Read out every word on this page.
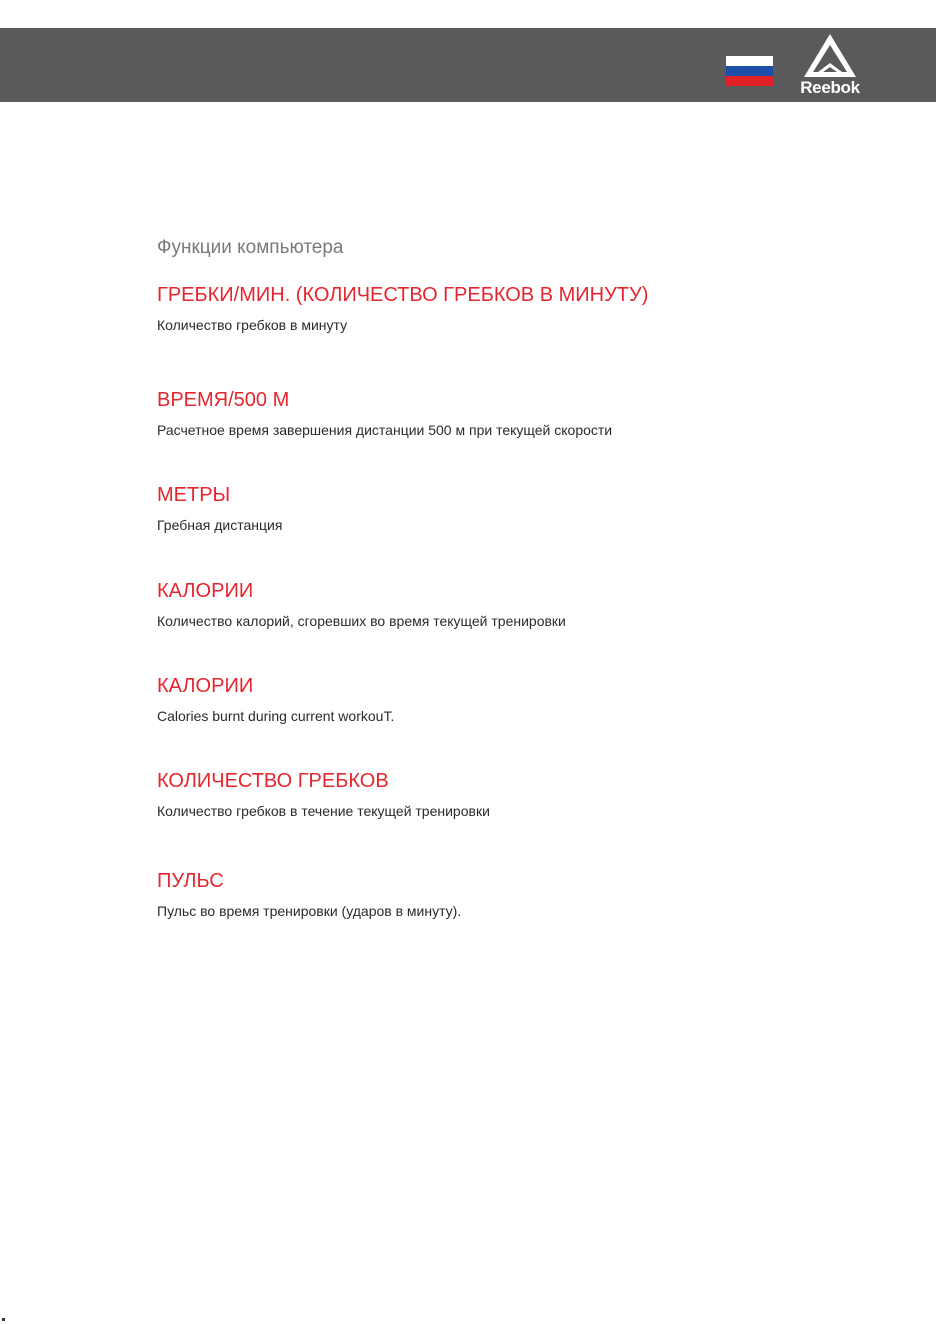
Reebok
Функции компьютера
ГРЕБКИ/МИН. (КОЛИЧЕСТВО ГРЕБКОВ В МИНУТУ)

Количество гребков в минуту

ВРЕМЯ/500 М

Расчетное время завершения дистанции 500 м при текущей скорости

МЕТРЫ

Гребная дистанция

КАЛОРИИ

Количество калорий, сгоревших во время текущей тренировки

КАЛОРИИ

Calories burnt during current workouT.

КОЛИЧЕСТВО ГРЕБКОВ

Количество гребков в течение текущей тренировки

ПУЛЬС

Пульс во время тренировки (ударов в минуту).
